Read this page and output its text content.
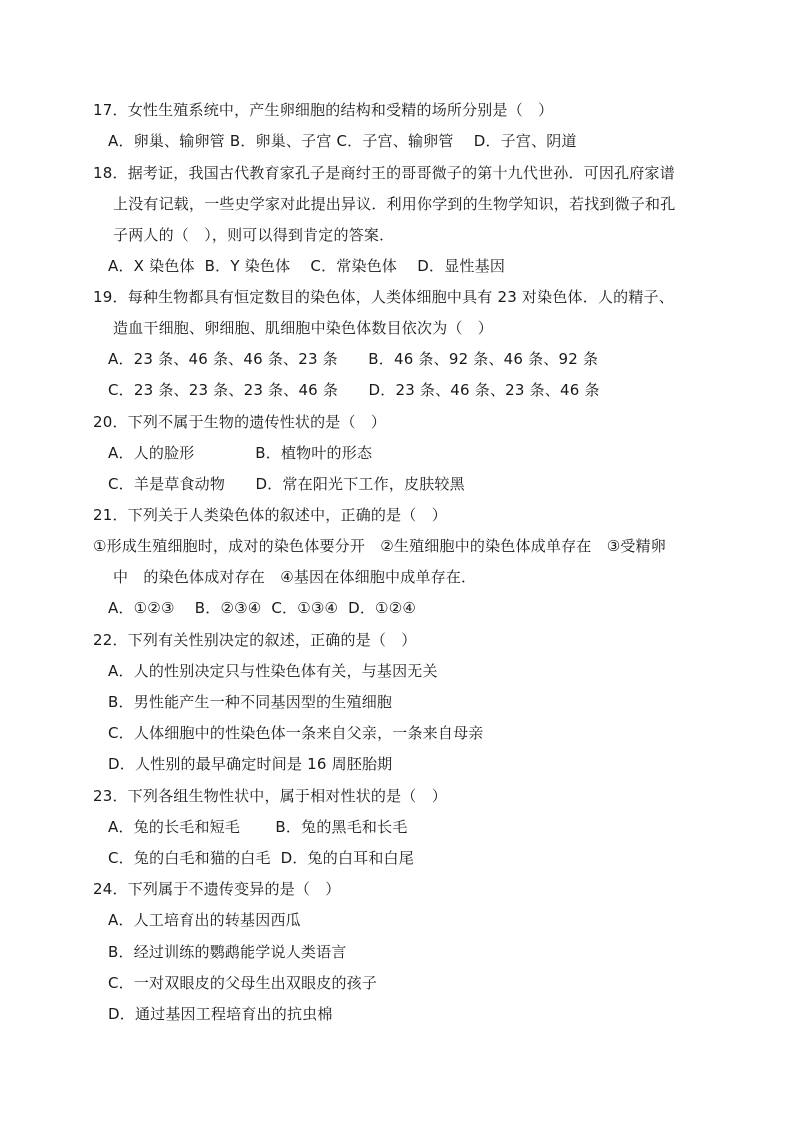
17．女性生殖系统中，产生卵细胞的结构和受精的场所分别是（　）
A．卵巢、输卵管 B．卵巢、子宫 C．子宫、输卵管　 D．子宫、阴道
18．据考证，我国古代教育家孔子是商纣王的哥哥微子的第十九代世孙．可因孔府家谱
上没有记载，一些史学家对此提出异议．利用你学到的生物学知识，若找到微子和孔
子两人的（　），则可以得到肯定的答案．
A．X 染色体  B．Y 染色体　 C．常染色体　 D．显性基因
19．每种生物都具有恒定数目的染色体，人类体细胞中具有 23 对染色体．人的精子、
造血干细胞、卵细胞、肌细胞中染色体数目依次为（　）
A．23 条、46 条、46 条、23 条　　B．46 条、92 条、46 条、92 条
C．23 条、23 条、23 条、46 条　　D．23 条、46 条、23 条、46 条
20．下列不属于生物的遗传性状的是（　）
A．人的脸形　　　　B．植物叶的形态
C．羊是草食动物　　D．常在阳光下工作，皮肤较黑
21．下列关于人类染色体的叙述中，正确的是（　）
①形成生殖细胞时，成对的染色体要分开　②生殖细胞中的染色体成单存在　③受精卵
中　的染色体成对存在　④基因在体细胞中成单存在．
A．①②③　 B．②③④  C．①③④  D．①②④
22．下列有关性别决定的叙述，正确的是（　）
A．人的性别决定只与性染色体有关，与基因无关
B．男性能产生一种不同基因型的生殖细胞
C．人体细胞中的性染色体一条来自父亲，一条来自母亲
D．人性别的最早确定时间是 16 周胚胎期
23．下列各组生物性状中，属于相对性状的是（　）
A．兔的长毛和短毛　　 B．兔的黑毛和长毛
C．兔的白毛和猫的白毛  D．兔的白耳和白尾
24．下列属于不遗传变异的是（　）
A．人工培育出的转基因西瓜
B．经过训练的鹦鹉能学说人类语言
C．一对双眼皮的父母生出双眼皮的孩子
D．通过基因工程培育出的抗虫棉
